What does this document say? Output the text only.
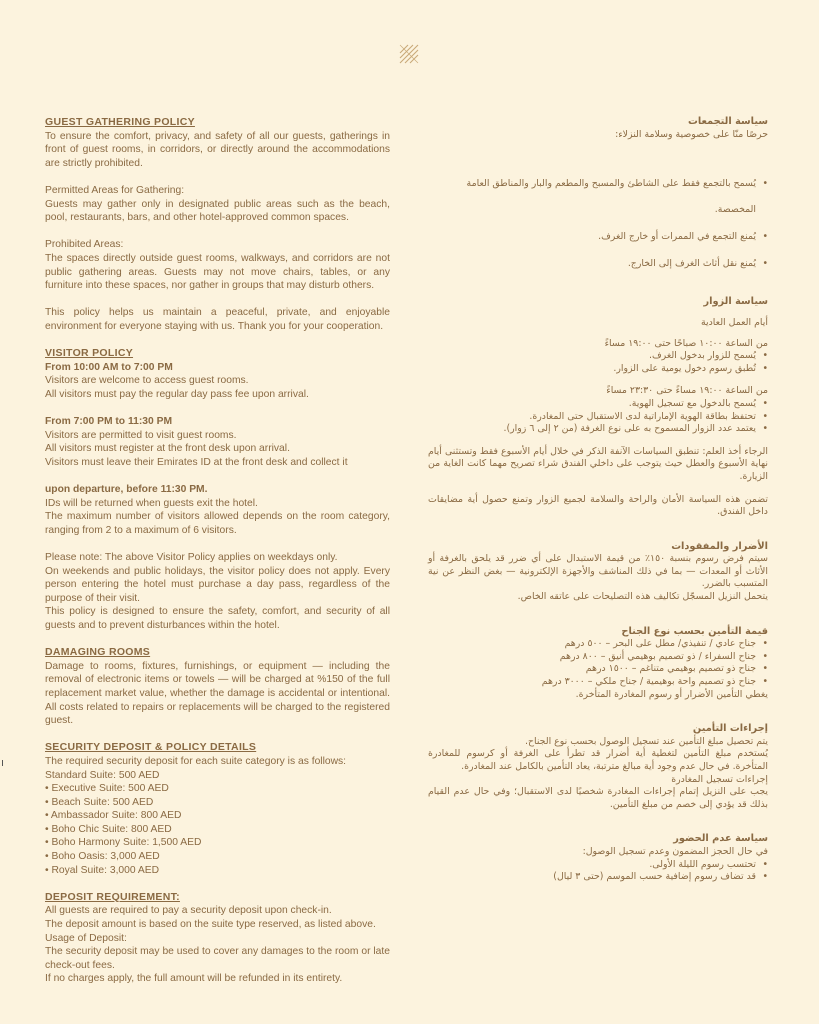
GUEST GATHERING POLICY

To ensure the comfort, privacy, and safety of all our guests, gatherings in front of guest rooms, in corridors, or directly around the accommodations are strictly prohibited.

Permitted Areas for Gathering:

Guests may gather only in designated public areas such as the beach, pool, restaurants, bars, and other hotel-approved common spaces.

Prohibited Areas:

The spaces directly outside guest rooms, walkways, and corridors are not public gathering areas. Guests may not move chairs, tables, or any furniture into these spaces, nor gather in groups that may disturb others.

This policy helps us maintain a peaceful, private, and enjoyable environment for everyone staying with us. Thank you for your cooperation.

VISITOR POLICY

From 10:00 AM to 7:00 PM

Visitors are welcome to access guest rooms.

All visitors must pay the regular day pass fee upon arrival.

From 7:00 PM to 11:30 PM

Visitors are permitted to visit guest rooms.

All visitors must register at the front desk upon arrival.

Visitors must leave their Emirates ID at the front desk and collect it

upon departure, before 11:30 PM.

IDs will be returned when guests exit the hotel.

The maximum number of visitors allowed depends on the room category, ranging from 2 to a maximum of 6 visitors.

Please note: The above Visitor Policy applies on weekdays only.

On weekends and public holidays, the visitor policy does not apply. Every person entering the hotel must purchase a day pass, regardless of the purpose of their visit.

This policy is designed to ensure the safety, comfort, and security of all guests and to prevent disturbances within the hotel.

DAMAGING ROOMS

Damage to rooms, fixtures, furnishings, or equipment — including the removal of electronic items or towels — will be charged at %150 of the full replacement market value, whether the damage is accidental or intentional. All costs related to repairs or replacements will be charged to the registered guest.

SECURITY DEPOSIT & POLICY DETAILS

The required security deposit for each suite category is as follows:

Standard Suite: 500 AED

• Executive Suite: 500 AED

• Beach Suite: 500 AED

• Ambassador Suite: 800 AED

• Boho Chic Suite: 800 AED

• Boho Harmony Suite: 1,500 AED

• Boho Oasis: 3,000 AED

• Royal Suite: 3,000 AED

DEPOSIT REQUIREMENT:

All guests are required to pay a security deposit upon check-in.

The deposit amount is based on the suite type reserved, as listed above.

Usage of Deposit:

The security deposit may be used to cover any damages to the room or late check-out fees.

If no charges apply, the full amount will be refunded in its entirety.

سياسة التجمعات

حرصًا منّا على خصوصية وسلامة النزلاء:

• يُسمح بالتجمع فقط على الشاطئ والمسبح والمطعم والبار والمناطق العامة المخصصة.

• يُمنع التجمع في الممرات أو خارج الغرف.

• يُمنع نقل أثاث الغرف إلى الخارج.

سياسة الزوار

أيام العمل العادية

من الساعة ١٠:٠٠ صباحًا حتى ١٩:٠٠ مساءً

• يُسمح للزوار بدخول الغرف.

• تُطبق رسوم دخول يومية على الزوار.

من الساعة ١٩:٠٠ مساءً حتى ٢٣:٣٠ مساءً

• يُسمح بالدخول مع تسجيل الهوية.

• تحتفظ بطاقة الهوية الإماراتية لدى الاستقبال حتى المغادرة.

• يعتمد عدد الزوار المسموح به على نوع الغرفة (من ٢ إلى ٦ زوار).

الرجاء أخذ العلم: تنطبق السياسات الآنفة الذكر في خلال أيام الأسبوع فقط وتستثنى أيام نهاية الأسبوع والعطل حيث يتوجب على داخلي الفندق شراء تصريح مهما كانت الغاية من الزيارة.

تضمن هذه السياسة الأمان والراحة والسلامة لجميع الزوار وتمنع حصول أية مضايقات داخل الفندق.

الأضرار والمفقودات

سيتم فرض رسوم بنسبة ١٥٠٪ من قيمة الاستبدال على أي ضرر قد يلحق بالغرفة أو الأثاث أو المعدات — بما في ذلك المناشف والأجهزة الإلكترونية — بغض النظر عن نية المتسبب بالضرر.

يتحمل النزيل المسجّل تكاليف هذه التصليحات على عاتقه الخاص.

قيمة التأمين بحسب نوع الجناح

• جناح عادي / تنفيذي/ مطل على البحر – ٥٠٠ درهم

• جناح السفراء / ذو تصميم بوهيمي أنيق – ٨٠٠ درهم

• جناح ذو تصميم بوهيمي متناغم – ١٥٠٠ درهم

• جناح ذو تصميم واحة بوهيمية / جناح ملكي – ٣٠٠٠ درهم

يغطي التأمين الأضرار أو رسوم المغادرة المتأخرة.

إجراءات التأمين

يتم تحصيل مبلغ التأمين عند تسجيل الوصول بحسب نوع الجناح.

يُستخدم مبلغ التأمين لتغطية أية أضرار قد تطرأ على الغرفة أو كرسوم للمغادرة المتأخرة. في حال عدم وجود أية مبالغ مترتبة، يعاد التأمين بالكامل عند المغادرة.

إجراءات تسجيل المغادرة

يجب على النزيل إتمام إجراءات المغادرة شخصيًا لدى الاستقبال؛ وفي حال عدم القيام بذلك قد يؤدي إلى خصم من مبلغ التأمين.

سياسة عدم الحضور

في حال الحجز المضمون وعدم تسجيل الوصول:

• تحتسب رسوم الليلة الأولى.

• قد تضاف رسوم إضافية حسب الموسم (حتى ٣ ليال)
